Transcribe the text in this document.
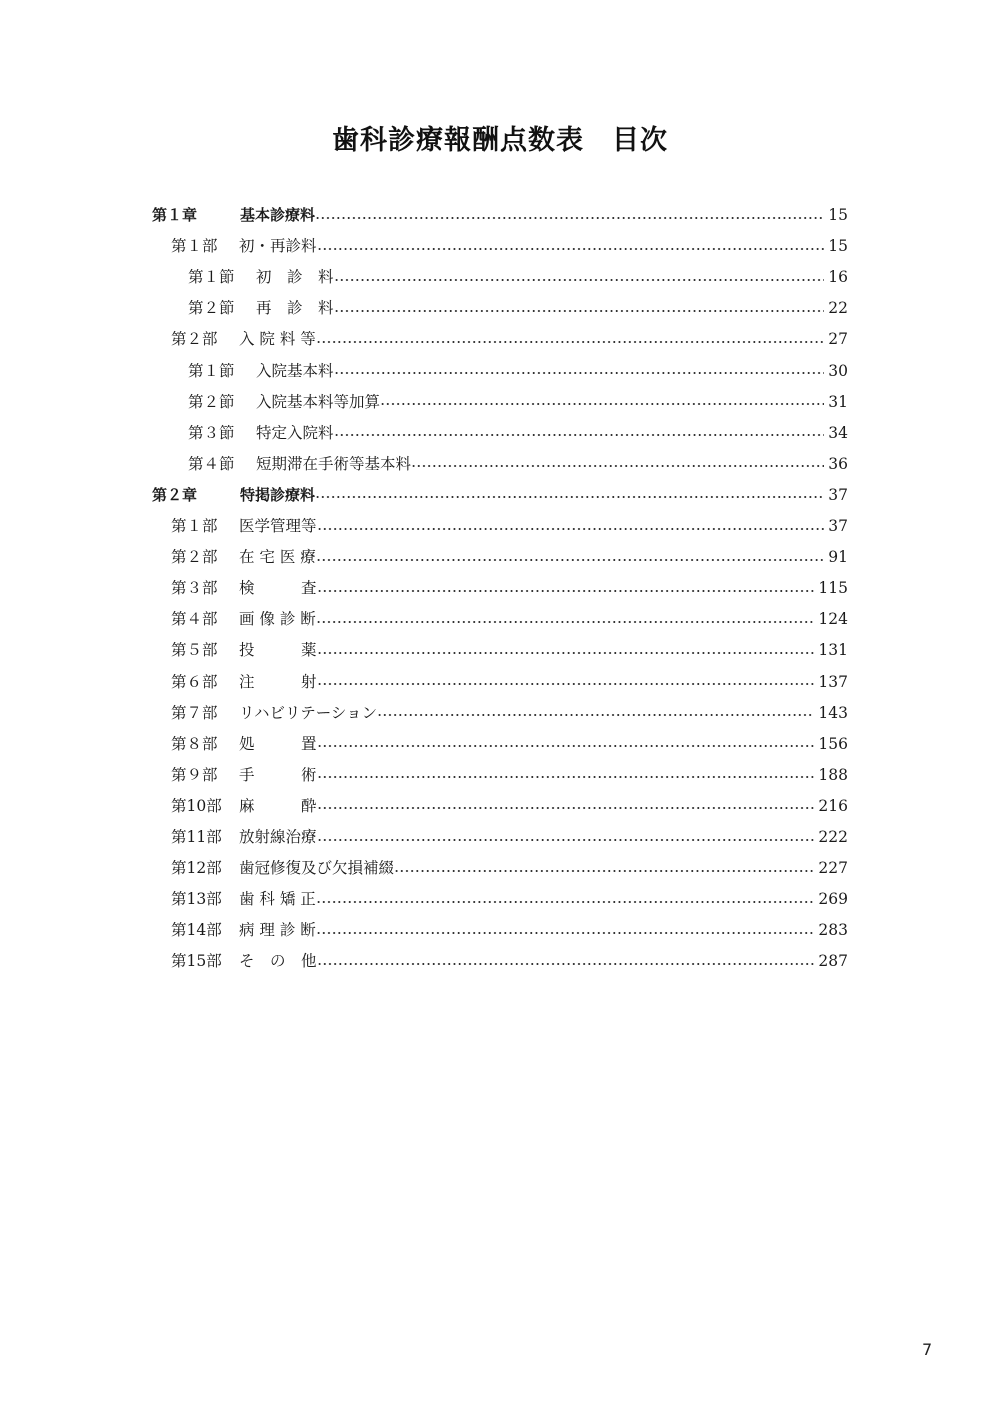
歯科診療報酬点数表　目次
第１章	基本診療料	15
第１部	初・再診料	15
第１節	初　診　料	16
第２節	再　診　料	22
第２部	入 院 料 等	27
第１節	入院基本料	30
第２節	入院基本料等加算	31
第３節	特定入院料	34
第４節	短期滞在手術等基本料	36
第２章	特掲診療料	37
第１部	医学管理等	37
第２部	在 宅 医 療	91
第３部	検　　　査	115
第４部	画 像 診 断	124
第５部	投　　　薬	131
第６部	注　　　射	137
第７部	リハビリテーション	143
第８部	処　　　置	156
第９部	手　　　術	188
第10部	麻　　　酔	216
第11部	放射線治療	222
第12部	歯冠修復及び欠損補綴	227
第13部	歯 科 矯 正	269
第14部	病 理 診 断	283
第15部	そ　の　他	287
7
